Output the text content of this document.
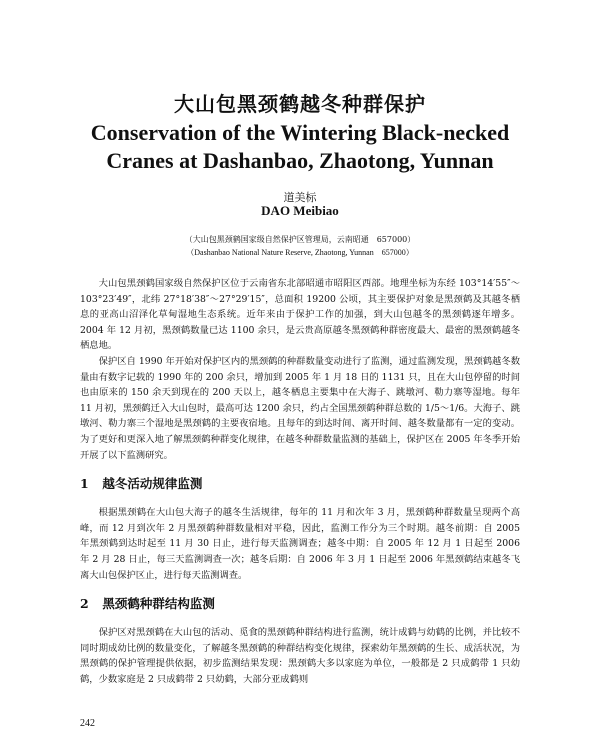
大山包黑颈鹤越冬种群保护
Conservation of the Wintering Black-necked
Cranes at Dashanbao, Zhaotong, Yunnan
道美标
DAO Meibiao
（大山包黑颈鹤国家级自然保护区管理局，云南昭通　657000）
（Dashanbao National Nature Reserve, Zhaotong, Yunnan　657000）

大山包黑颈鹤国家级自然保护区位于云南省东北部昭通市昭阳区西部。地理坐标为东经 103°14′55″～103°23′49″，北纬 27°18′38″～27°29′15″，总面积 19200 公顷，其主要保护对象是黑颈鹤及其越冬栖息的亚高山沼泽化草甸湿地生态系统。近年来由于保护工作的加强，到大山包越冬的黑颈鹤逐年增多。2004 年 12 月初，黑颈鹤数量已达 1100 余只，是云贵高原越冬黑颈鹤种群密度最大、最密的黑颈鹤越冬栖息地。

保护区自 1990 年开始对保护区内的黑颈鹤的种群数量变动进行了监测，通过监测发现，黑颈鹤越冬数量由有数字记载的 1990 年的 200 余只，增加到 2005 年 1 月 18 日的 1131 只，且在大山包停留的时间也由原来的 150 余天到现在的 200 天以上，越冬栖息主要集中在大海子、跳墩河、勒力寨等湿地。每年 11 月初，黑颈鹤迁入大山包时，最高可达 1200 余只，约占全国黑颈鹤种群总数的 1/5～1/6。大海子、跳墩河、勒力寨三个湿地是黑颈鹤的主要夜宿地。且每年的到达时间、离开时间、越冬数量都有一定的变动。为了更好和更深入地了解黑颈鹤种群变化规律，在越冬种群数量监测的基础上，保护区在 2005 年冬季开始开展了以下监测研究。

1 越冬活动规律监测

根据黑颈鹤在大山包大海子的越冬生活规律，每年的 11 月和次年 3 月，黑颈鹤种群数量呈现两个高峰，而 12 月到次年 2 月黑颈鹤种群数量相对平稳，因此，监测工作分为三个时期。越冬前期：自 2005 年黑颈鹤到达时起至 11 月 30 日止，进行每天监测调查；越冬中期：自 2005 年 12 月 1 日起至 2006 年 2 月 28 日止，每三天监测调查一次；越冬后期：自 2006 年 3 月 1 日起至 2006 年黑颈鹤结束越冬飞离大山包保护区止，进行每天监测调查。

2 黑颈鹤种群结构监测

保护区对黑颈鹤在大山包的活动、觅食的黑颈鹤种群结构进行监测，统计成鹤与幼鹤的比例，并比较不同时期成幼比例的数量变化，了解越冬黑颈鹤的种群结构变化规律，探索幼年黑颈鹤的生长、成活状况，为黑颈鹤的保护管理提供依据，初步监测结果发现：黑颈鹤大多以家庭为单位，一般都是 2 只成鹤带 1 只幼鹤，少数家庭是 2 只成鹤带 2 只幼鹤，大部分亚成鹤则

242
